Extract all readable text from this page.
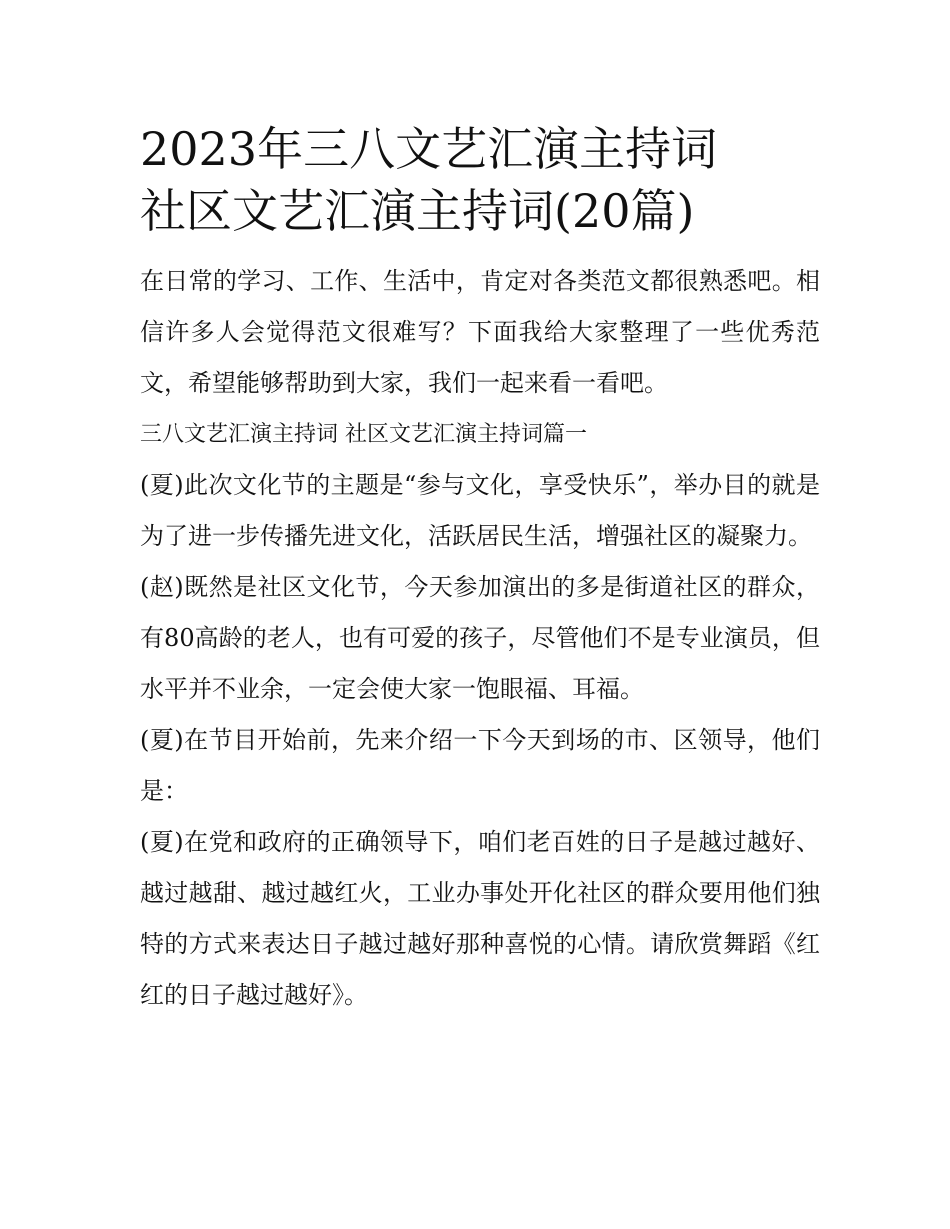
2023年三八文艺汇演主持词
社区文艺汇演主持词(20篇)

在日常的学习、工作、生活中，肯定对各类范文都很熟悉吧。相信许多人会觉得范文很难写？下面我给大家整理了一些优秀范文，希望能够帮助到大家，我们一起来看一看吧。

三八文艺汇演主持词 社区文艺汇演主持词篇一

(夏)此次文化节的主题是“参与文化，享受快乐”，举办目的就是为了进一步传播先进文化，活跃居民生活，增强社区的凝聚力。

(赵)既然是社区文化节，今天参加演出的多是街道社区的群众，有80高龄的老人，也有可爱的孩子，尽管他们不是专业演员，但水平并不业余，一定会使大家一饱眼福、耳福。

(夏)在节目开始前，先来介绍一下今天到场的市、区领导，他们是：

(夏)在党和政府的正确领导下，咱们老百姓的日子是越过越好、越过越甜、越过越红火，工业办事处开化社区的群众要用他们独特的方式来表达日子越过越好那种喜悦的心情。请欣赏舞蹈《红红的日子越过越好》。
